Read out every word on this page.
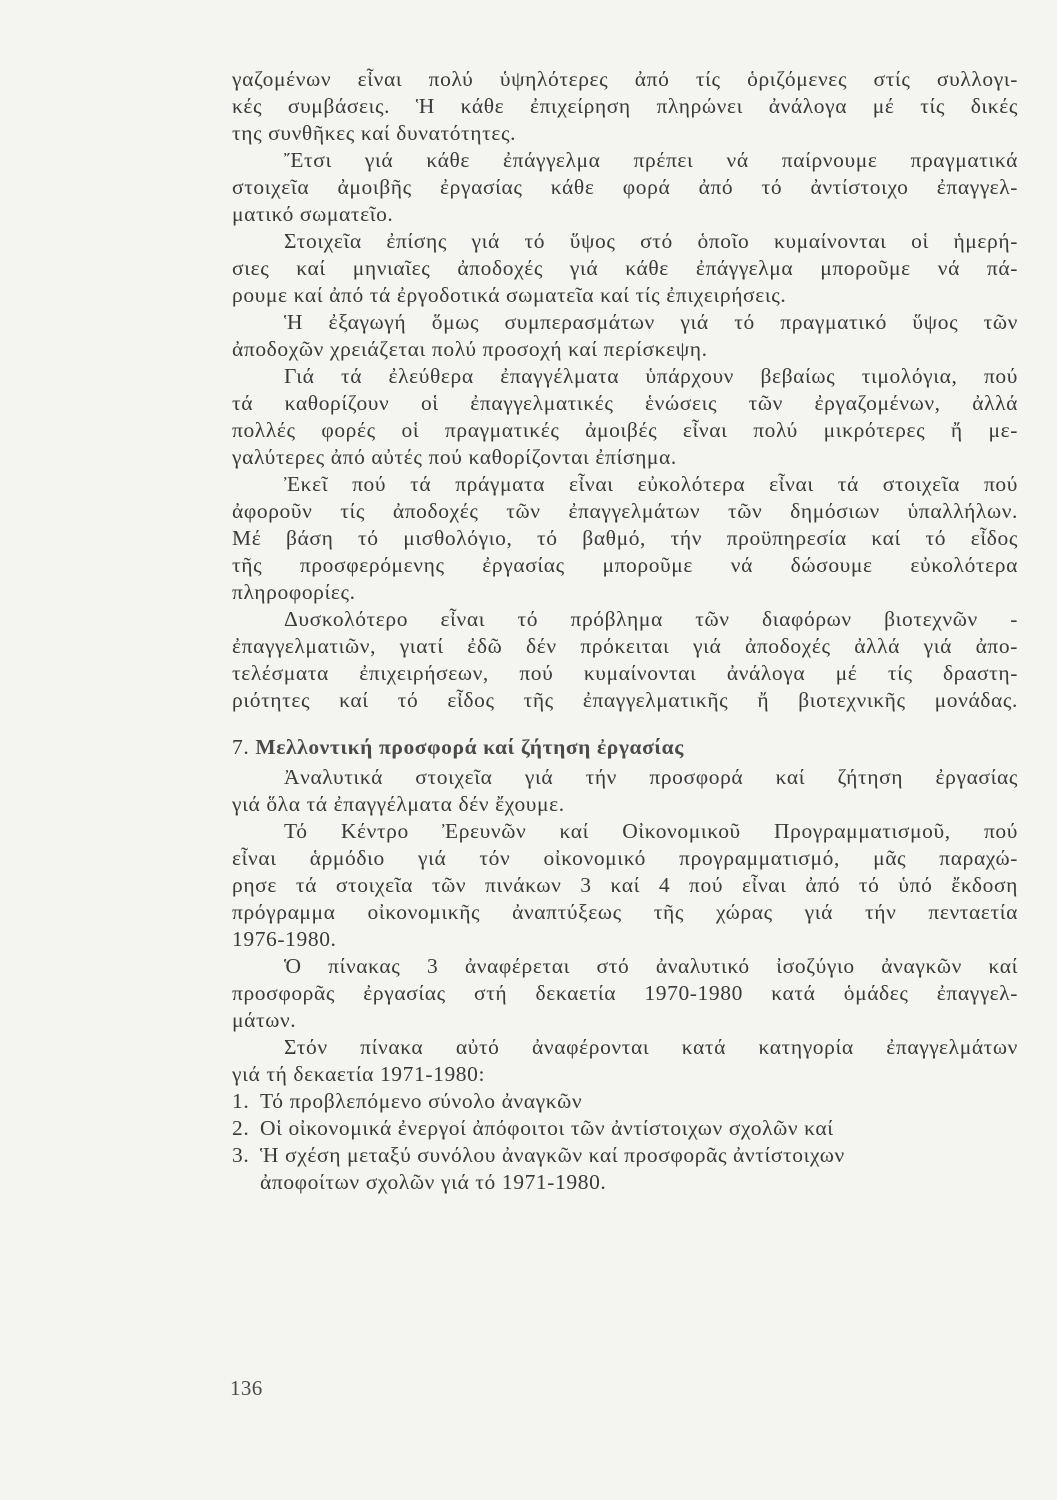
γαζομένων εἶναι πολύ ὑψηλότερες ἀπό τίς ὁριζόμενες στίς συλλογι-
κές συμβάσεις. Ἡ κάθε ἐπιχείρηση πληρώνει ἀνάλογα μέ τίς δικές
της συνθῆκες καί δυνατότητες.
Ἔτσι γιά κάθε ἐπάγγελμα πρέπει νά παίρνουμε πραγματικά
στοιχεῖα ἀμοιβῆς ἐργασίας κάθε φορά ἀπό τό ἀντίστοιχο ἐπαγγελ-
ματικό σωματεῖο.
Στοιχεῖα ἐπίσης γιά τό ὕψος στό ὁποῖο κυμαίνονται οἱ ἡμερή-
σιες καί μηνιαῖες ἀποδοχές γιά κάθε ἐπάγγελμα μποροῦμε νά πά-
ρουμε καί ἀπό τά ἐργοδοτικά σωματεῖα καί τίς ἐπιχειρήσεις.
Ἡ ἐξαγωγή ὅμως συμπερασμάτων γιά τό πραγματικό ὕψος τῶν
ἀποδοχῶν χρειάζεται πολύ προσοχή καί περίσκεψη.
Γιά τά ἐλεύθερα ἐπαγγέλματα ὑπάρχουν βεβαίως τιμολόγια, πού
τά καθορίζουν οἱ ἐπαγγελματικές ἑνώσεις τῶν ἐργαζομένων, ἀλλά
πολλές φορές οἱ πραγματικές ἀμοιβές εἶναι πολύ μικρότερες ἤ με-
γαλύτερες ἀπό αὐτές πού καθορίζονται ἐπίσημα.
Ἐκεῖ πού τά πράγματα εἶναι εὐκολότερα εἶναι τά στοιχεῖα πού
ἀφοροῦν τίς ἀποδοχές τῶν ἐπαγγελμάτων τῶν δημόσιων ὑπαλλήλων.
Μέ βάση τό μισθολόγιο, τό βαθμό, τήν προϋπηρεσία καί τό εἶδος
τῆς προσφερόμενης ἐργασίας μποροῦμε νά δώσουμε εὐκολότερα
πληροφορίες.
Δυσκολότερο εἶναι τό πρόβλημα τῶν διαφόρων βιοτεχνῶν -
ἐπαγγελματιῶν, γιατί ἐδῶ δέν πρόκειται γιά ἀποδοχές ἀλλά γιά ἀπο-
τελέσματα ἐπιχειρήσεων, πού κυμαίνονται ἀνάλογα μέ τίς δραστη-
ριότητες καί τό εἶδος τῆς ἐπαγγελματικῆς ἤ βιοτεχνικῆς μονάδας.
7. Μελλοντική προσφορά καί ζήτηση ἐργασίας
Ἀναλυτικά στοιχεῖα γιά τήν προσφορά καί ζήτηση ἐργασίας
γιά ὅλα τά ἐπαγγέλματα δέν ἔχουμε.
Τό Κέντρο Ἐρευνῶν καί Οἰκονομικοῦ Προγραμματισμοῦ, πού
εἶναι ἁρμόδιο γιά τόν οἰκονομικό προγραμματισμό, μᾶς παραχώ-
ρησε τά στοιχεῖα τῶν πινάκων 3 καί 4 πού εἶναι ἀπό τό ὑπό ἔκδοση
πρόγραμμα οἰκονομικῆς ἀναπτύξεως τῆς χώρας γιά τήν πενταετία
1976-1980.
Ὁ πίνακας 3 ἀναφέρεται στό ἀναλυτικό ἰσοζύγιο ἀναγκῶν καί
προσφορᾶς ἐργασίας στή δεκαετία 1970-1980 κατά ὁμάδες ἐπαγγελ-
μάτων.
Στόν πίνακα αὐτό ἀναφέρονται κατά κατηγορία ἐπαγγελμάτων
γιά τή δεκαετία 1971-1980:
1. Τό προβλεπόμενο σύνολο ἀναγκῶν
2. Οἱ οἰκονομικά ἐνεργοί ἀπόφοιτοι τῶν ἀντίστοιχων σχολῶν καί
3. Ἡ σχέση μεταξύ συνόλου ἀναγκῶν καί προσφορᾶς ἀντίστοιχων
ἀποφοίτων σχολῶν γιά τό 1971-1980.
136
